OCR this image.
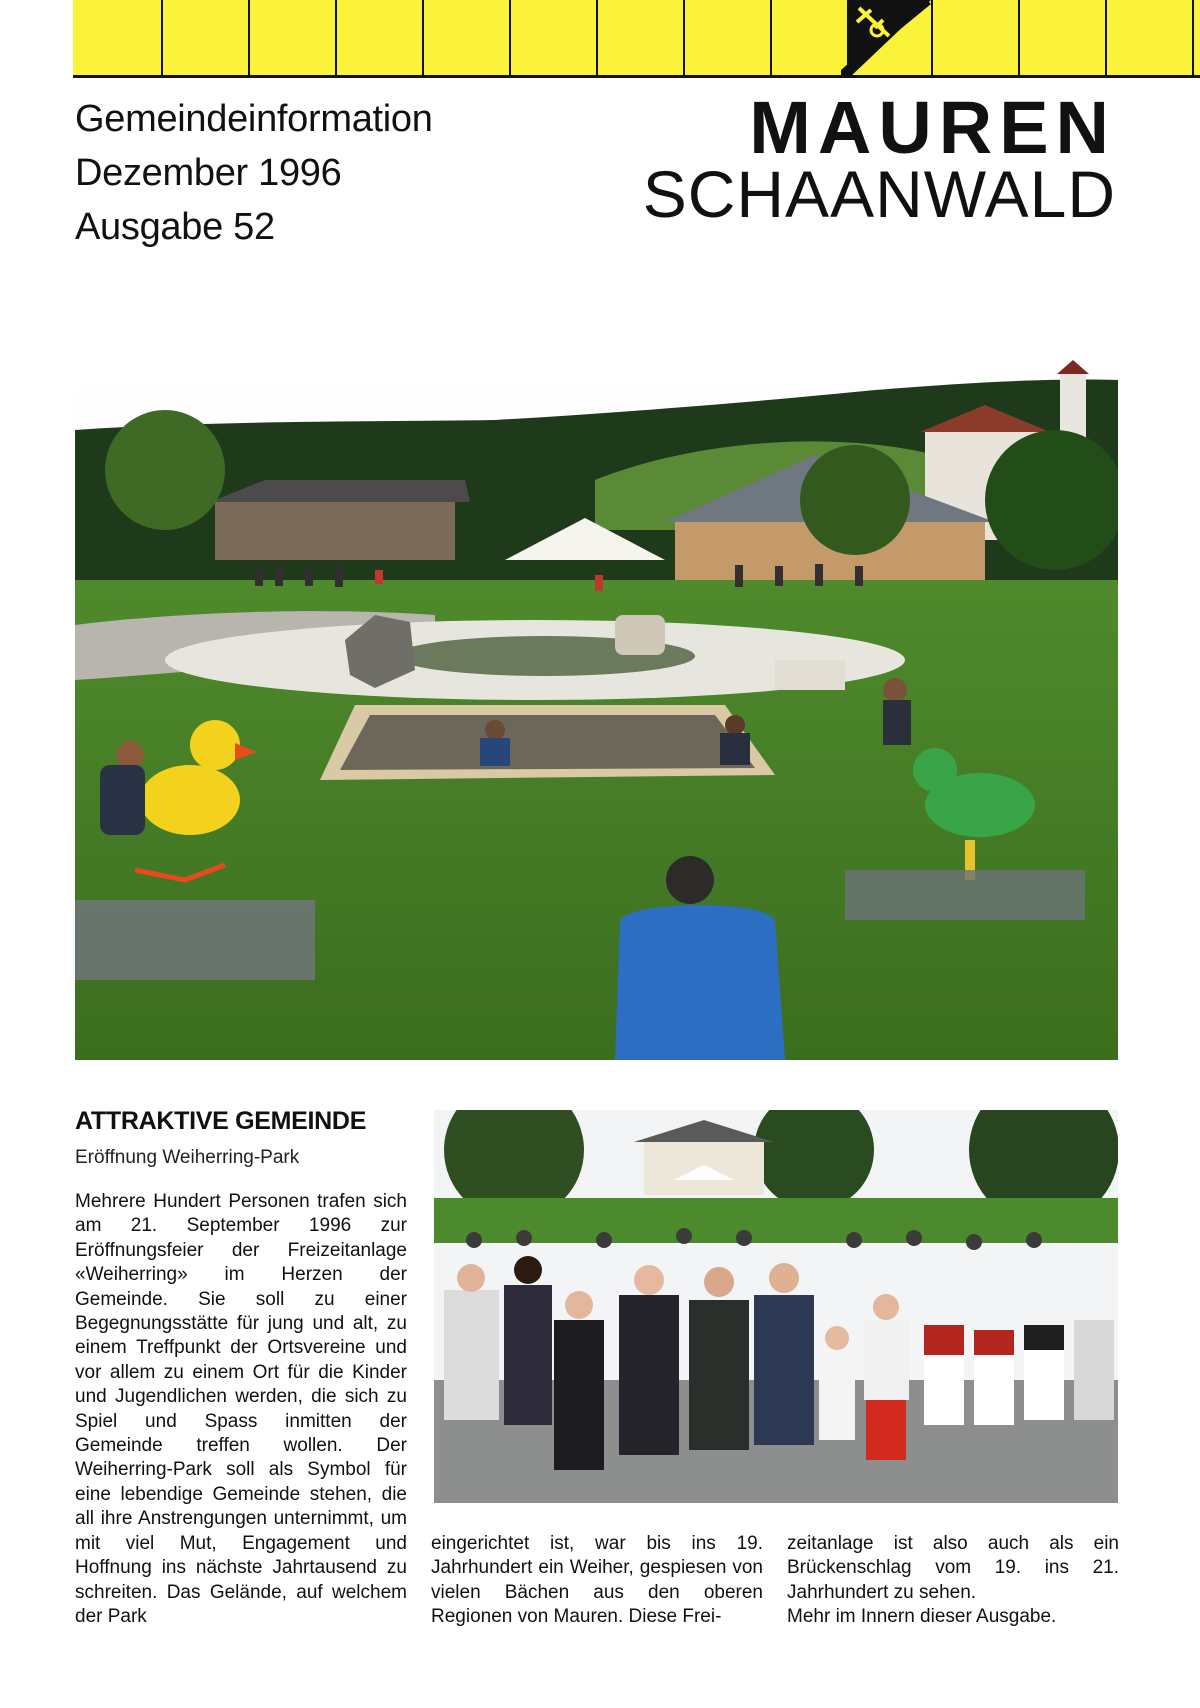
Gemeindeinformation
Dezember 1996
Ausgabe 52
MAUREN
SCHAANWALD
ATTRAKTIVE GEMEINDE
Eröffnung Weiherring-Park

Mehrere Hundert Personen trafen sich am 21. September 1996 zur Eröffnungsfeier der Freizeitanlage «Weiherring» im Herzen der Gemeinde. Sie soll zu einer Begegnungsstätte für jung und alt, zu einem Treffpunkt der Ortsvereine und vor allem zu einem Ort für die Kinder und Jugendlichen werden, die sich zu Spiel und Spass inmitten der Gemeinde treffen wollen. Der Weiherring-Park soll als Symbol für eine lebendige Gemeinde stehen, die all ihre Anstrengungen unternimmt, um mit viel Mut, Engagement und Hoffnung ins nächste Jahrtausend zu schreiten. Das Gelände, auf welchem der Park

eingerichtet ist, war bis ins 19. Jahrhundert ein Weiher, gespiesen von vielen Bächen aus den oberen Regionen von Mauren. Diese Frei-

zeitanlage ist also auch als ein Brückenschlag vom 19. ins 21. Jahrhundert zu sehen.

Mehr im Innern dieser Ausgabe.
